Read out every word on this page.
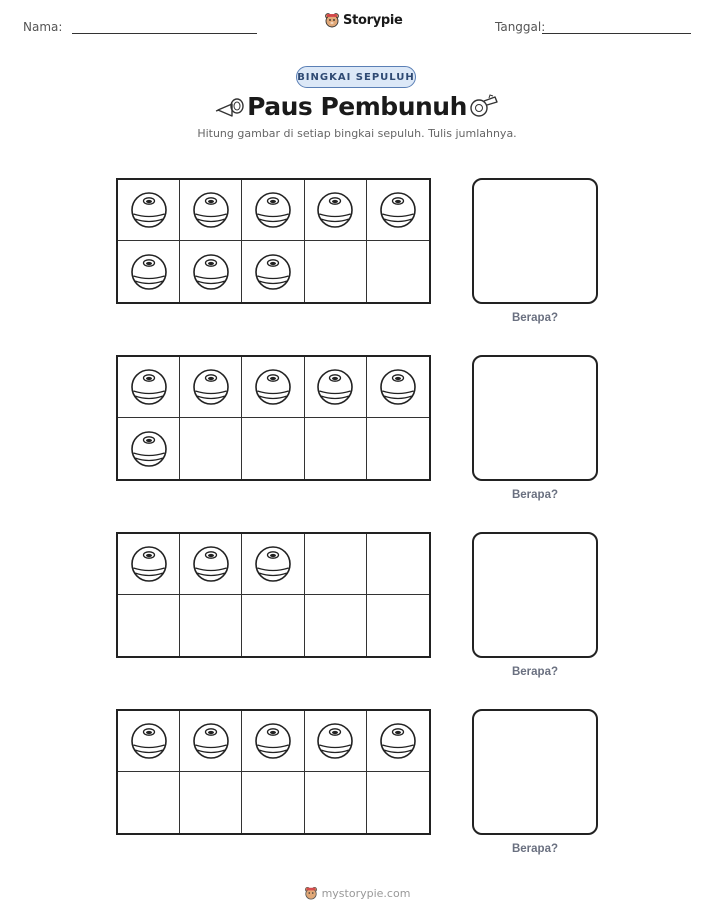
Nama:	Storypie	Tanggal:
BINGKAI SEPULUH
Paus Pembunuh
Hitung gambar di setiap bingkai sepuluh. Tulis jumlahnya.
Berapa?
Berapa?
Berapa?
Berapa?
mystorypie.com
